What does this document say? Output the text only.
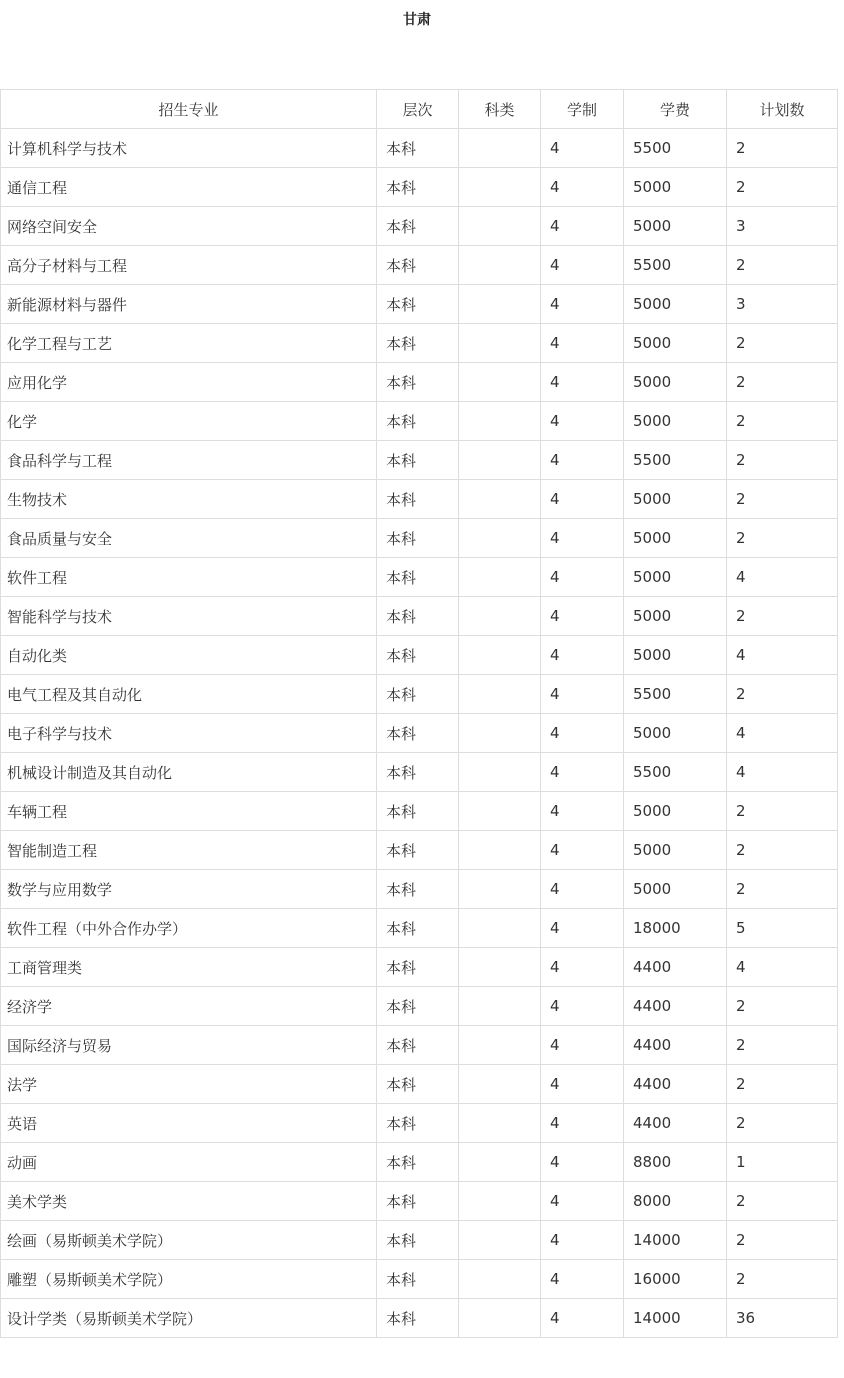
甘肃
招生专业	层次	科类	学制	学费	计划数
计算机科学与技术	本科		4	5500	2
通信工程	本科		4	5000	2
网络空间安全	本科		4	5000	3
高分子材料与工程	本科		4	5500	2
新能源材料与器件	本科		4	5000	3
化学工程与工艺	本科		4	5000	2
应用化学	本科		4	5000	2
化学	本科		4	5000	2
食品科学与工程	本科		4	5500	2
生物技术	本科		4	5000	2
食品质量与安全	本科		4	5000	2
软件工程	本科		4	5000	4
智能科学与技术	本科		4	5000	2
自动化类	本科		4	5000	4
电气工程及其自动化	本科		4	5500	2
电子科学与技术	本科		4	5000	4
机械设计制造及其自动化	本科		4	5500	4
车辆工程	本科		4	5000	2
智能制造工程	本科		4	5000	2
数学与应用数学	本科		4	5000	2
软件工程（中外合作办学）	本科		4	18000	5
工商管理类	本科		4	4400	4
经济学	本科		4	4400	2
国际经济与贸易	本科		4	4400	2
法学	本科		4	4400	2
英语	本科		4	4400	2
动画	本科		4	8800	1
美术学类	本科		4	8000	2
绘画（易斯顿美术学院）	本科		4	14000	2
雕塑（易斯顿美术学院）	本科		4	16000	2
设计学类（易斯顿美术学院）	本科		4	14000	36
